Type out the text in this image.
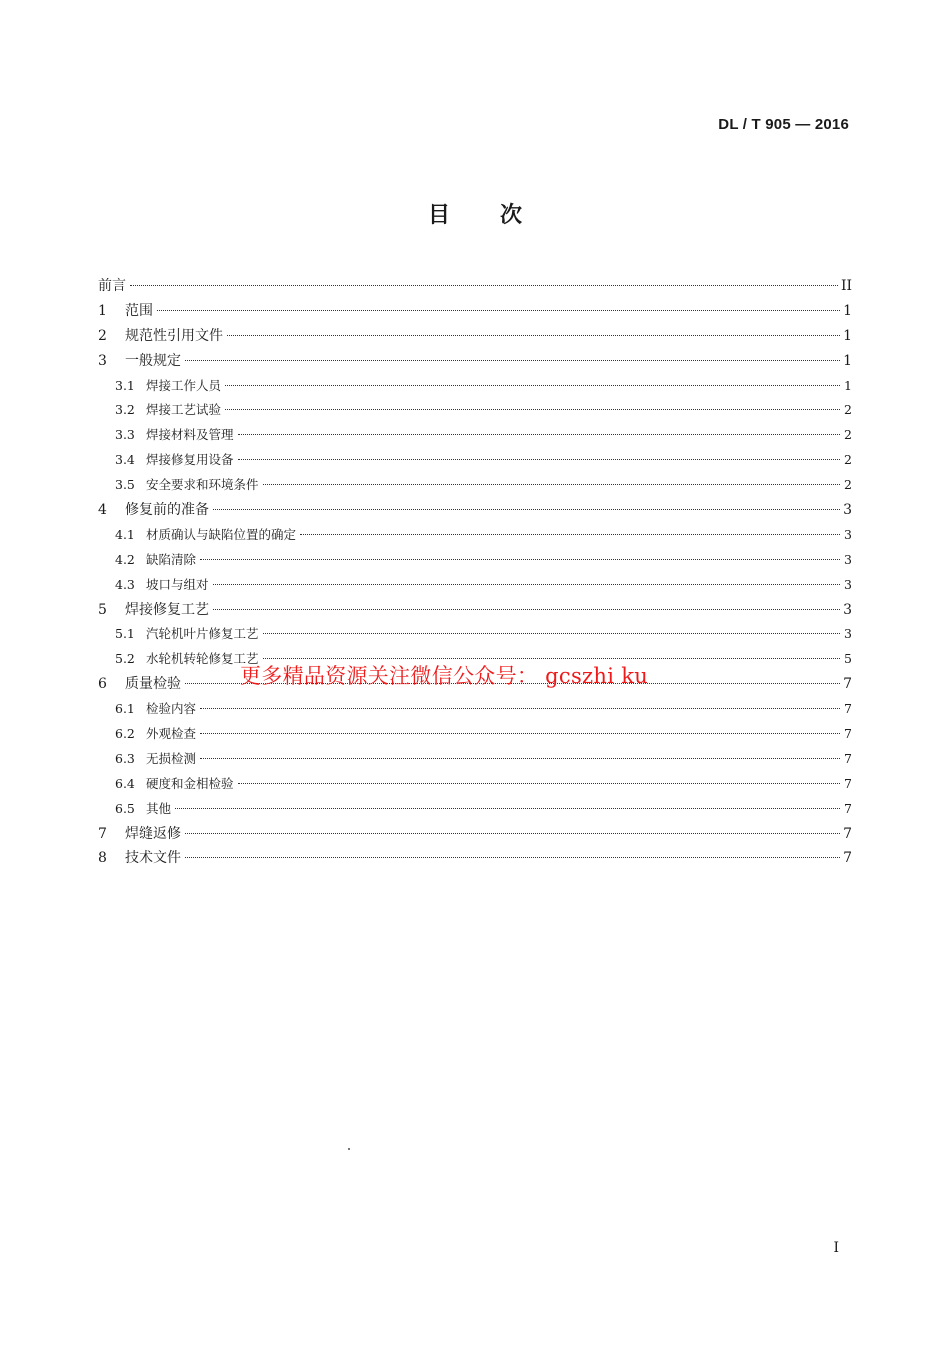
DL / T 905 — 2016
目次
前言	II
1	范围	1
2	规范性引用文件	1
3	一般规定	1
3.1 焊接工作人员	1
3.2 焊接工艺试验	2
3.3 焊接材料及管理	2
3.4 焊接修复用设备	2
3.5 安全要求和环境条件	2
4	修复前的准备	3
4.1 材质确认与缺陷位置的确定	3
4.2 缺陷清除	3
4.3 坡口与组对	3
5	焊接修复工艺	3
5.1 汽轮机叶片修复工艺	3
5.2 水轮机转轮修复工艺	5
6	质量检验	7
6.1 检验内容	7
6.2 外观检查	7
6.3 无损检测	7
6.4 硬度和金相检验	7
6.5 其他	7
7	焊缝返修	7
8	技术文件	7
更多精品资源关注微信公众号： gcszhi ku
I
